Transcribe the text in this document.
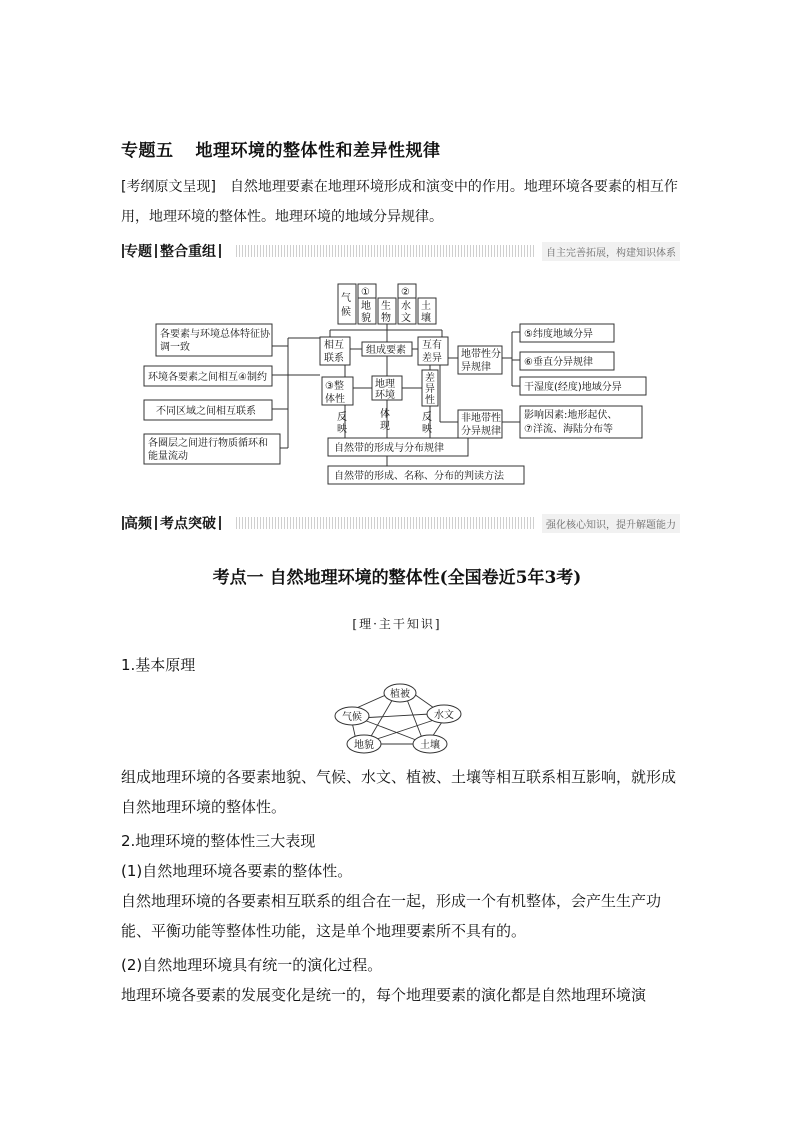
专题五 地理环境的整体性和差异性规律
[考纲原文呈现] 自然地理要素在地理环境形成和演变中的作用。地理环境各要素的相互作用，地理环境的整体性。地理环境的地域分异规律。
专题 整合重组	自主完善拓展，构建知识体系
气
候
①
地
貌
生
物
②
水
文
土
壤
各要素与环境总体特征协
调一致
环境各要素之间相互④制约
不同区域之间相互联系
各圈层之间进行物质循环和
能量流动
相互
联系
组成要素 互有
差异
③整
体性
地理
环境
差
异
性
反
映
体
现
反
映
自然带的形成与分布规律
自然带的形成、名称、分布的判读方法
地带性分
异规律
非地带性
分异规律
⑤纬度地域分异
⑥垂直分异规律
干湿度(经度)地域分异
影响因素:地形起伏、
⑦洋流、海陆分布等
高频 考点突破	强化核心知识，提升解题能力
考点一 自然地理环境的整体性(全国卷近5年3考)
[理·主干知识]
1.基本原理
植被
气候	水文
地貌	土壤
组成地理环境的各要素地貌、气候、水文、植被、土壤等相互联系相互影响，就形成自然地理环境的整体性。
2.地理环境的整体性三大表现
(1)自然地理环境各要素的整体性。
自然地理环境的各要素相互联系的组合在一起，形成一个有机整体，会产生生产功能、平衡功能等整体性功能，这是单个地理要素所不具有的。
(2)自然地理环境具有统一的演化过程。
地理环境各要素的发展变化是统一的，每个地理要素的演化都是自然地理环境演
